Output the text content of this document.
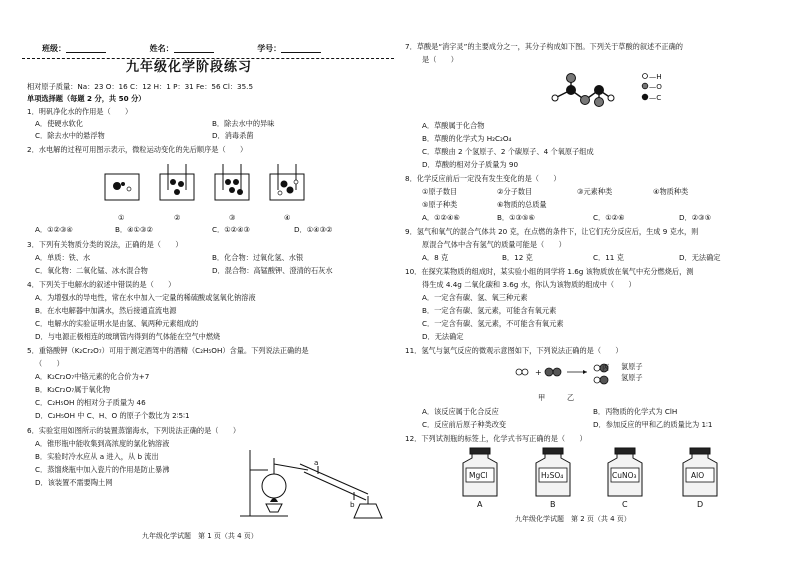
班级：	姓名：	学号：
九年级化学阶段练习
相对原子质量：Na：23 O：16 C：12 H：1 P：31 Fe：56 Cl：35.5
单项选择题（每题 2 分，共 50 分）
1．明矾净化水的作用是（　　）
A．使硬水软化	B．除去水中的异味
C．除去水中的悬浮物	D．消毒杀菌
2．水电解的过程可用图示表示，微粒运动变化的先后顺序是（　　）
①	②	③	④
A．①②③④	B．④①③②	C．①②④③	D．①④③②
3．下列有关物质分类的说法，正确的是（　　）
A．单质：铁、水	B．化合物：过氧化氢、水银
C．氧化物：二氧化锰、冰水混合物	D．混合物：高锰酸钾、澄清的石灰水
4．下列关于电解水的叙述中错误的是（　　）
A．为增强水的导电性，常在水中加入一定量的稀硫酸或氢氧化钠溶液
B．在水电解器中加满水，然后接通直流电源
C．电解水的实验证明水是由氢、氧两种元素组成的
D．与电源正极相连的玻璃管内得到的气体能在空气中燃烧
5．重铬酸钾（K₂Cr₂O₇）可用于测定酒驾中的酒精（C₂H₅OH）含量。下列说法正确的是
（　　）
A．K₂Cr₂O₇中铬元素的化合价为+7
B．K₂Cr₂O₇属于氧化物
C．C₂H₅OH 的相对分子质量为 46
D．C₂H₅OH 中 C、H、O 的原子个数比为 2∶5∶1
6．实验室用如图所示的装置蒸馏海水，下列说法正确的是（　　）
A．锥形瓶中能收集到高浓度的氯化钠溶液
B．实验时冷水应从 a 进入，从 b 流出
C．蒸馏烧瓶中加入瓷片的作用是防止暴沸
D．该装置不需要陶土网
a
b
九年级化学试题　第 1 页（共 4 页）
7．草酸是“消字灵”的主要成分之一，其分子构成如下图。下列关于草酸的叙述不正确的
是（　　）
—H
—O
—C
A．草酸属于化合物
B．草酸的化学式为 H₂C₂O₄
C．草酸由 2 个氢原子、2 个碳原子、4 个氧原子组成
D．草酸的相对分子质量为 90
8．化学反应前后一定没有发生变化的是（　　）
①原子数目	②分子数目	③元素种类	④物质种类
⑤原子种类	⑥物质的总质量
A．①②④⑥	B．①③⑤⑥	C．①②⑥	D．②③⑤
9．氢气和氧气的混合气体共 20 克，在点燃的条件下，让它们充分反应后，生成 9 克水，则
原混合气体中含有氢气的质量可能是（　　）
A．8 克	B．12 克	C．11 克	D．无法确定
10．在探究某物质的组成时，某实验小组的同学将 1.6g 该物质放在氧气中充分燃烧后，测
得生成 4.4g 二氧化碳和 3.6g 水，你认为该物质的组成中（　　）
A．一定含有碳、氢、氧三种元素
B．一定含有碳、氢元素，可能含有氧元素
C．一定含有碳、氢元素，不可能含有氧元素
D．无法确定
11．氢气与氯气反应的微观示意图如下，下列说法正确的是（　　）
+
氯原子
氢原子
甲	乙
丙
A．该反应属于化合反应	B．丙物质的化学式为 ClH
C．反应前后原子种类改变	D．参加反应的甲和乙的质量比为 1∶1
12．下列试剂瓶的标签上，化学式书写正确的是（　　）
MgCl
A
H₂SO₄
B
CuNO₃
C
AlO
D
九年级化学试题　第 2 页（共 4 页）
